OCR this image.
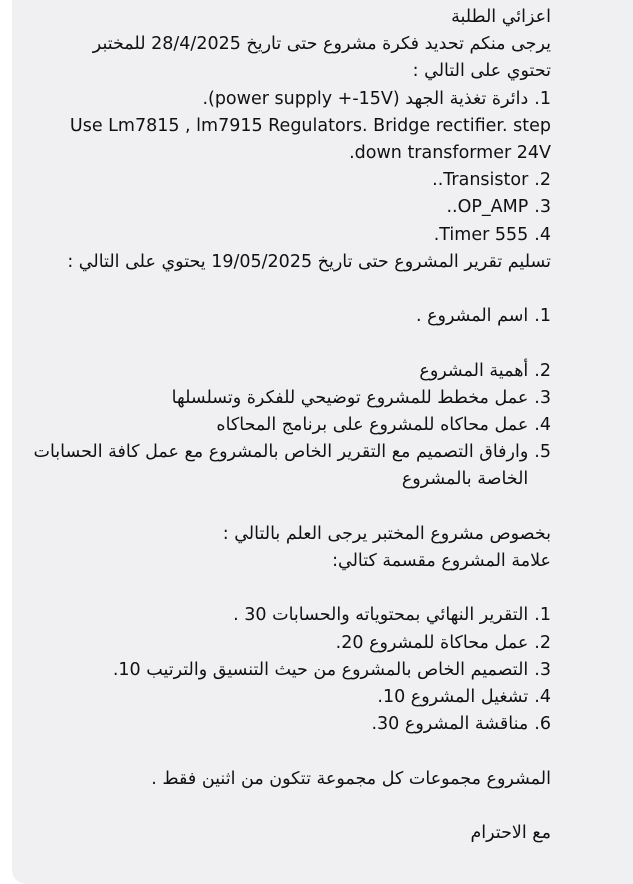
اعزائي الطلبة
يرجى منكم تحديد فكرة مشروع حتى تاريخ 28/4/2025 للمختبر
تحتوي على التالي :
1.
دائرة تغذية الجهد (power supply +-15V).
Use Lm7815 , lm7915 Regulators. Bridge rectifier. step down transformer 24V.
2.
Transistor..
3.
OP_AMP..
4.
Timer 555.
تسليم تقرير المشروع حتى تاريخ 19/05/2025 يحتوي على التالي :
1.
اسم المشروع .
2.
أهمية المشروع
3.
عمل مخطط للمشروع توضيحي للفكرة وتسلسلها
4.
عمل محاكاه للمشروع على برنامج المحاكاه
5.
وارفاق التصميم مع التقرير الخاص بالمشروع مع عمل كافة الحسابات الخاصة بالمشروع
بخصوص مشروع المختبر يرجى العلم بالتالي :
علامة المشروع مقسمة كتالي:
1.
التقرير النهائي بمحتوياته والحسابات 30 .
2.
عمل محاكاة للمشروع 20.
3.
التصميم الخاص بالمشروع من حيث التنسيق والترتيب 10.
4.
تشغيل المشروع 10.
6.
مناقشة المشروع 30.
المشروع مجموعات كل مجموعة تتكون من اثنين فقط .
مع الاحترام
